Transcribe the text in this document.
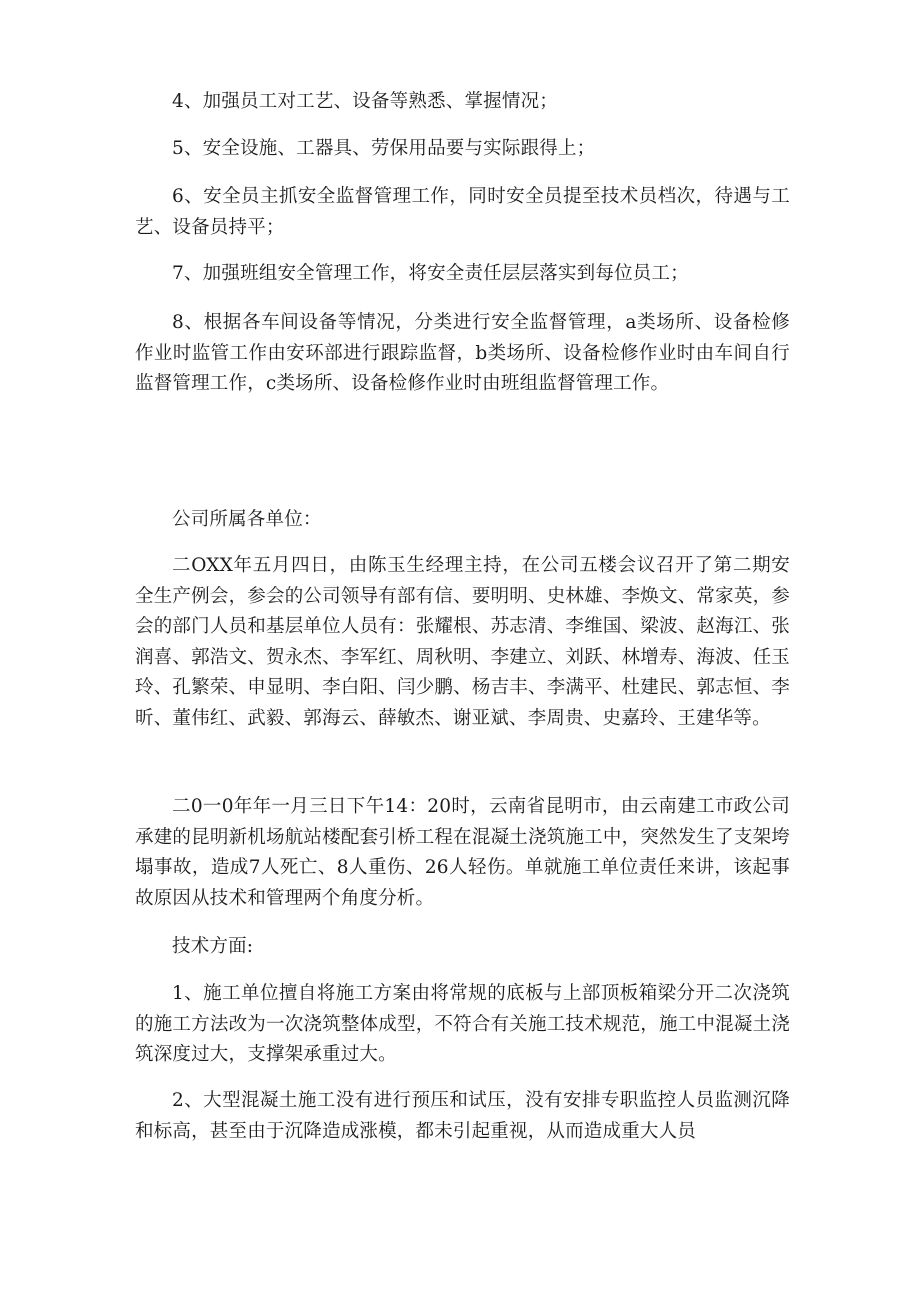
4、加强员工对工艺、设备等熟悉、掌握情况；

5、安全设施、工器具、劳保用品要与实际跟得上；

6、安全员主抓安全监督管理工作，同时安全员提至技术员档次，待遇与工艺、设备员持平；

7、加强班组安全管理工作，将安全责任层层落实到每位员工；

8、根据各车间设备等情况，分类进行安全监督管理，a类场所、设备检修作业时监管工作由安环部进行跟踪监督，b类场所、设备检修作业时由车间自行监督管理工作，c类场所、设备检修作业时由班组监督管理工作。

公司所属各单位：

二OXX年五月四日，由陈玉生经理主持，在公司五楼会议召开了第二期安全生产例会，参会的公司领导有部有信、要明明、史林雄、李焕文、常家英，参会的部门人员和基层单位人员有：张耀根、苏志清、李维国、梁波、赵海江、张润喜、郭浩文、贺永杰、李军红、周秋明、李建立、刘跃、林增寿、海波、任玉玲、孔繁荣、申显明、李白阳、闫少鹏、杨吉丰、李满平、杜建民、郭志恒、李昕、董伟红、武毅、郭海云、薛敏杰、谢亚斌、李周贵、史嘉玲、王建华等。

二0一0年年一月三日下午14：20时，云南省昆明市，由云南建工市政公司承建的昆明新机场航站楼配套引桥工程在混凝土浇筑施工中，突然发生了支架垮塌事故，造成7人死亡、8人重伤、26人轻伤。单就施工单位责任来讲，该起事故原因从技术和管理两个角度分析。

技术方面:

1、施工单位擅自将施工方案由将常规的底板与上部顶板箱梁分开二次浇筑的施工方法改为一次浇筑整体成型，不符合有关施工技术规范，施工中混凝土浇筑深度过大，支撑架承重过大。

2、大型混凝土施工没有进行预压和试压，没有安排专职监控人员监测沉降和标高，甚至由于沉降造成涨模，都未引起重视，从而造成重大人员
